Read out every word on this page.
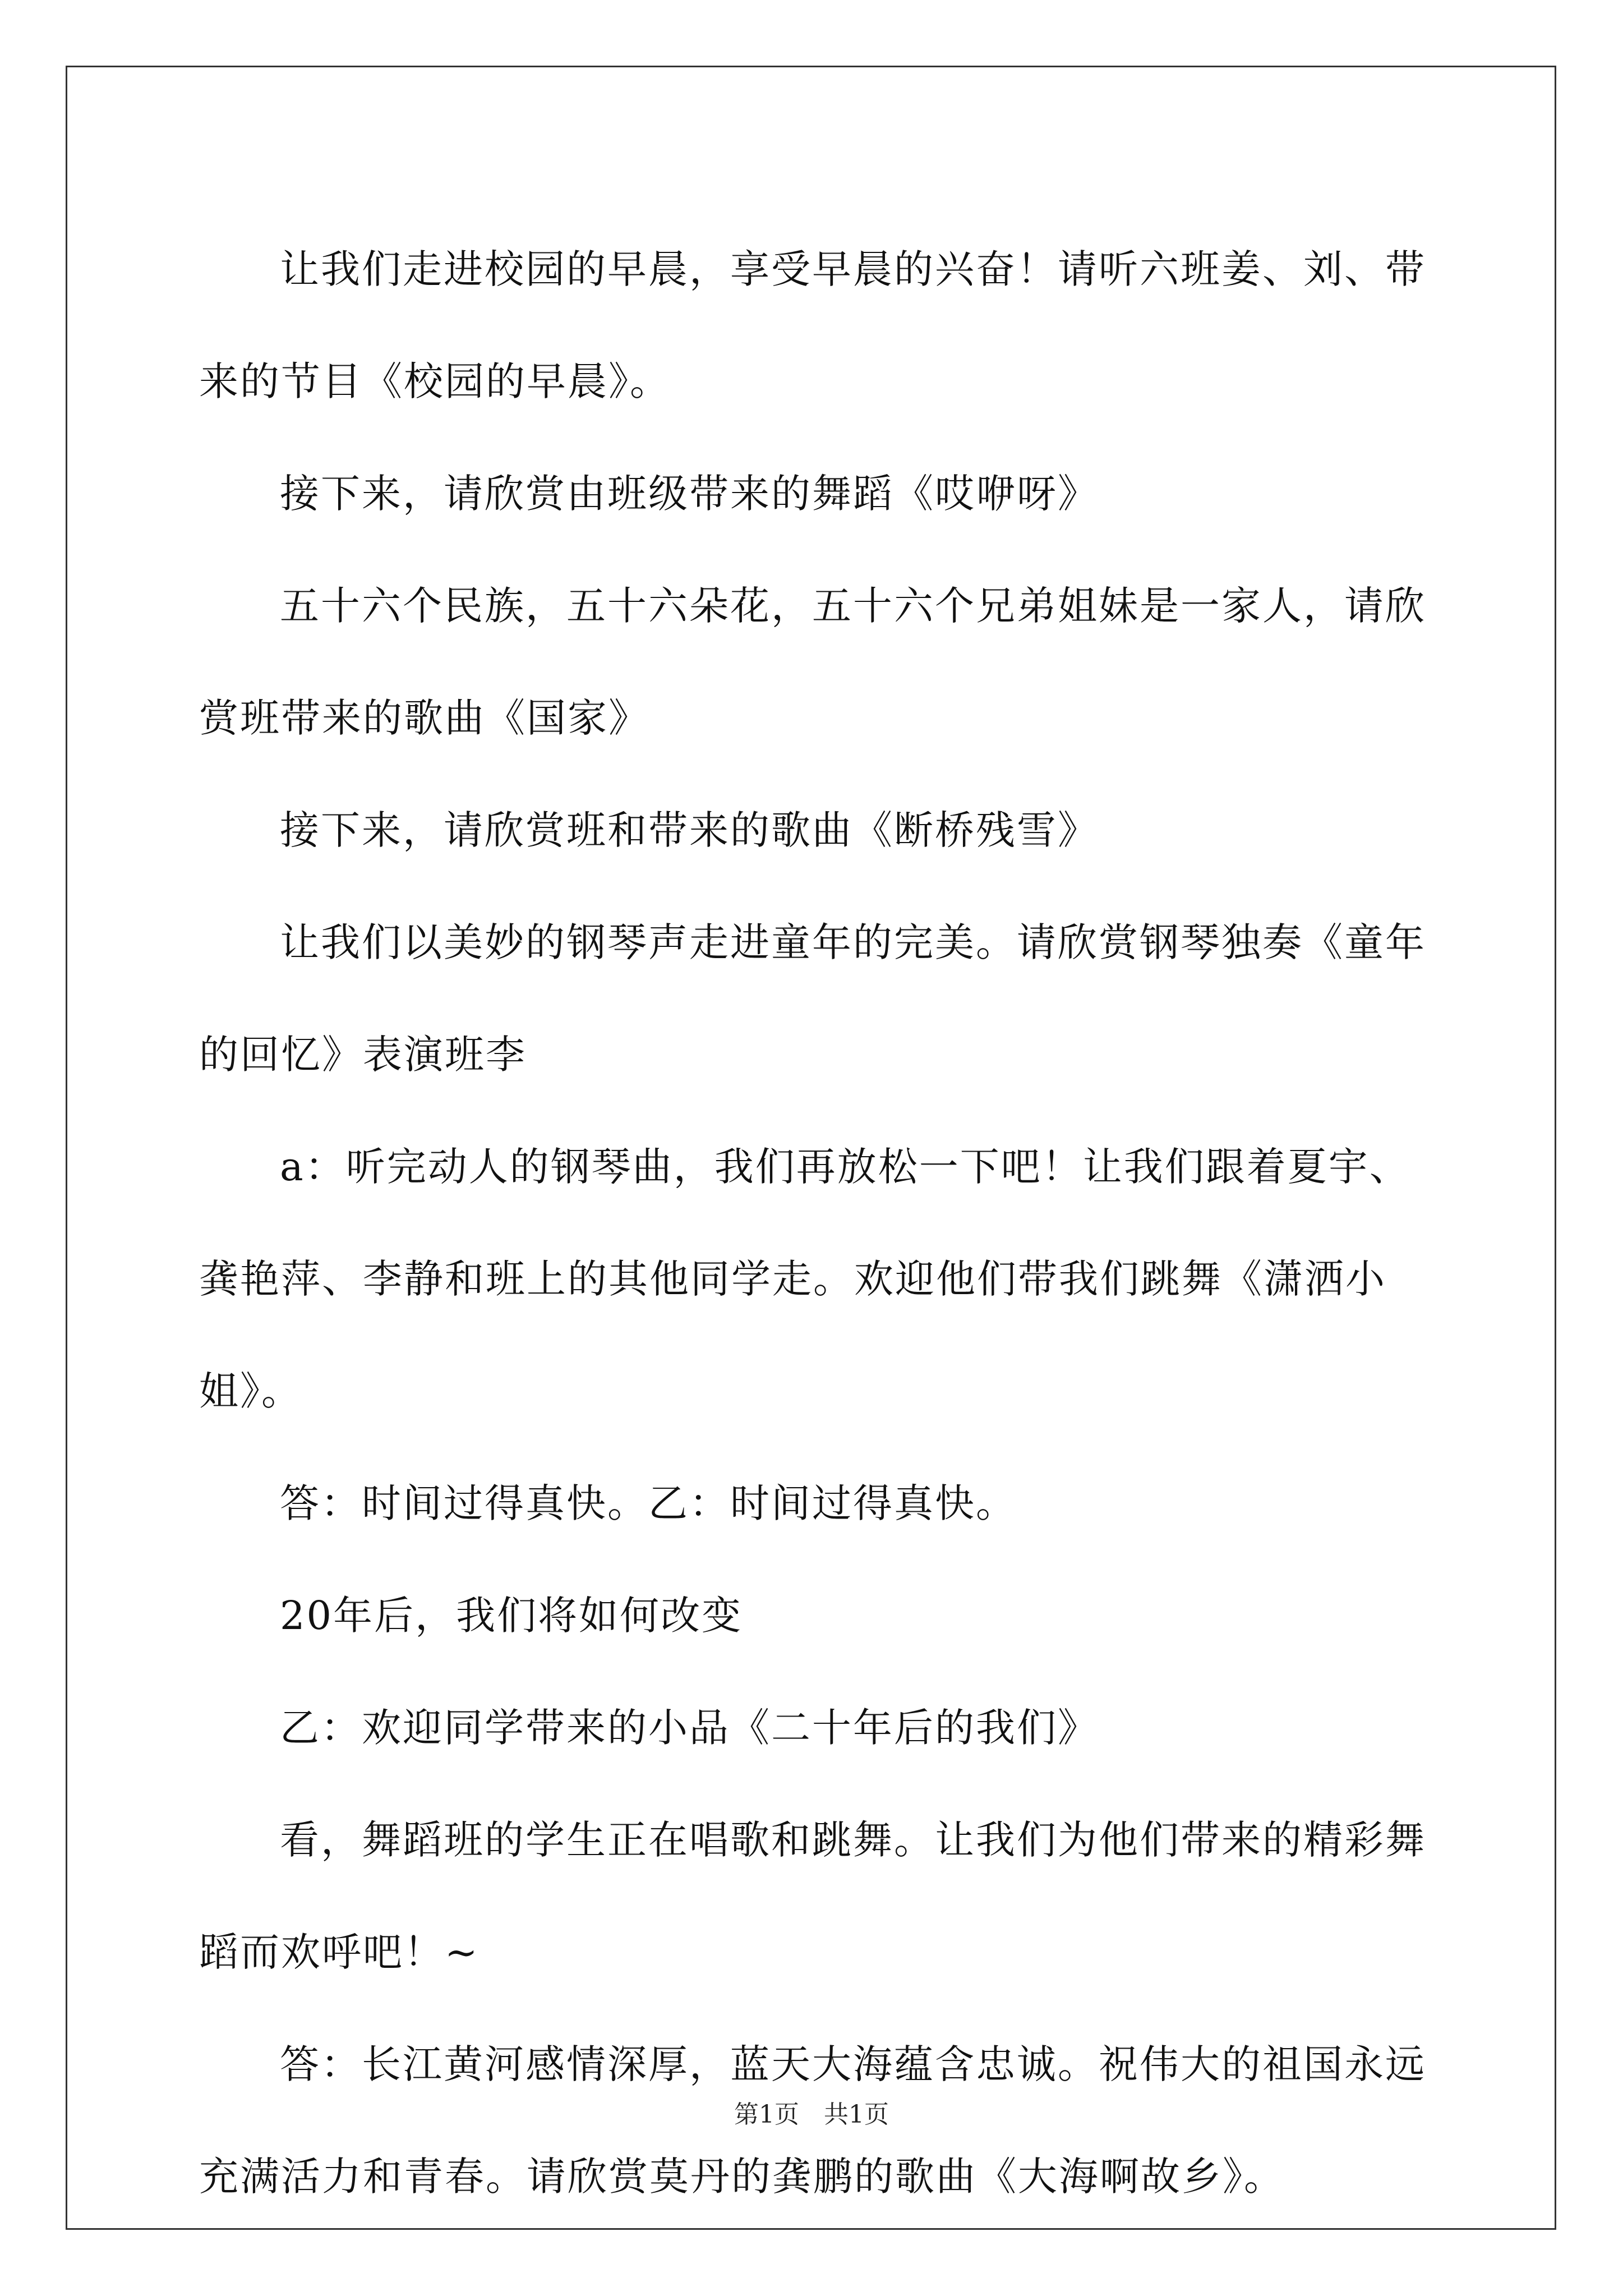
让我们走进校园的早晨，享受早晨的兴奋！请听六班姜、刘、带来的节目《校园的早晨》。

接下来，请欣赏由班级带来的舞蹈《哎咿呀》

五十六个民族，五十六朵花，五十六个兄弟姐妹是一家人，请欣赏班带来的歌曲《国家》

接下来，请欣赏班和带来的歌曲《断桥残雪》

让我们以美妙的钢琴声走进童年的完美。请欣赏钢琴独奏《童年的回忆》表演班李

a：听完动人的钢琴曲，我们再放松一下吧！让我们跟着夏宇、龚艳萍、李静和班上的其他同学走。欢迎他们带我们跳舞《潇洒小姐》。

答：时间过得真快。乙：时间过得真快。

20年后，我们将如何改变

乙：欢迎同学带来的小品《二十年后的我们》

看，舞蹈班的学生正在唱歌和跳舞。让我们为他们带来的精彩舞蹈而欢呼吧！~

答：长江黄河感情深厚，蓝天大海蕴含忠诚。祝伟大的祖国永远充满活力和青春。请欣赏莫丹的龚鹏的歌曲《大海啊故乡》。

第1页 共1页
